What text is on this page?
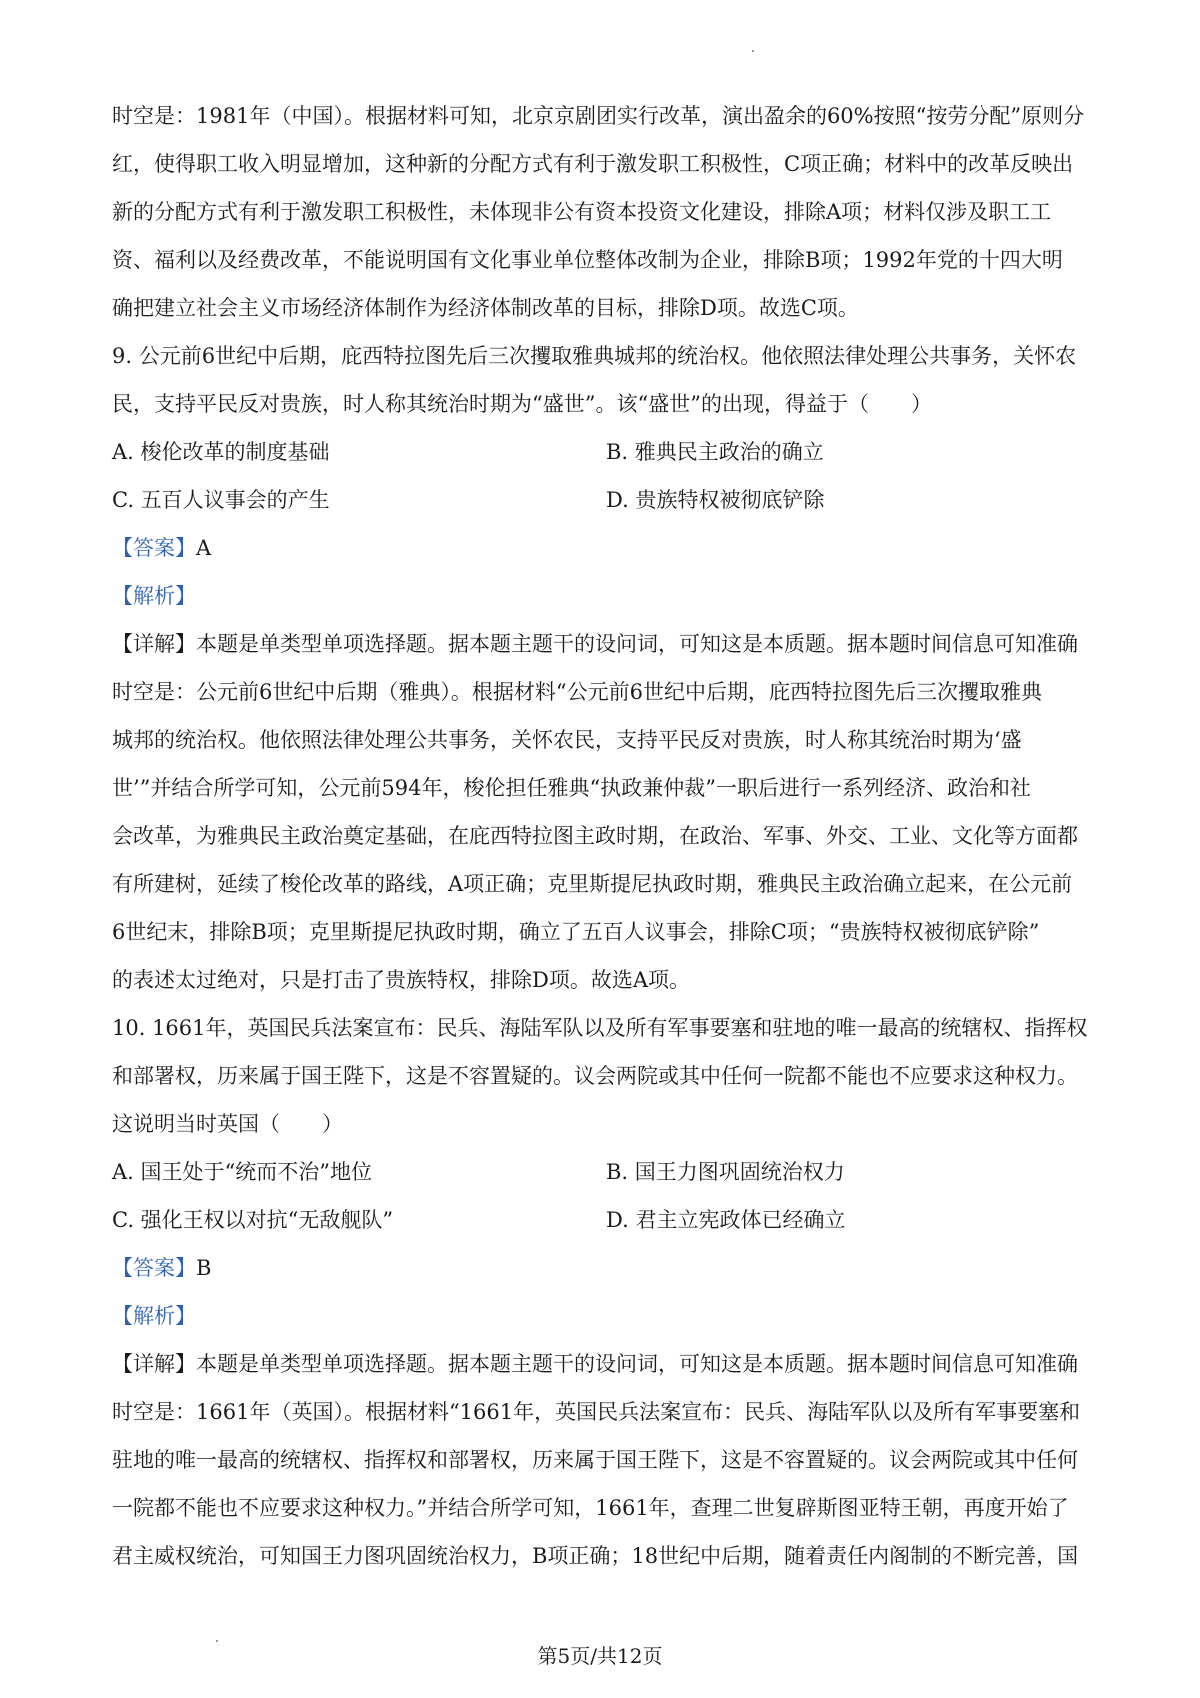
时空是：1981年（中国）。根据材料可知，北京京剧团实行改革，演出盈余的60%按照“按劳分配”原则分

红，使得职工收入明显增加，这种新的分配方式有利于激发职工积极性，C项正确；材料中的改革反映出

新的分配方式有利于激发职工积极性，未体现非公有资本投资文化建设，排除A项；材料仅涉及职工工

资、福利以及经费改革，不能说明国有文化事业单位整体改制为企业，排除B项；1992年党的十四大明

确把建立社会主义市场经济体制作为经济体制改革的目标，排除D项。故选C项。

9. 公元前6世纪中后期，庇西特拉图先后三次攫取雅典城邦的统治权。他依照法律处理公共事务，关怀农

民，支持平民反对贵族，时人称其统治时期为“盛世”。该“盛世”的出现，得益于（　　）

A. 梭伦改革的制度基础	B. 雅典民主政治的确立
C. 五百人议事会的产生	D. 贵族特权被彻底铲除

【答案】A

【解析】

【详解】本题是单类型单项选择题。据本题主题干的设问词，可知这是本质题。据本题时间信息可知准确

时空是：公元前6世纪中后期（雅典）。根据材料“公元前6世纪中后期，庇西特拉图先后三次攫取雅典

城邦的统治权。他依照法律处理公共事务，关怀农民，支持平民反对贵族，时人称其统治时期为‘盛

世’”并结合所学可知，公元前594年，梭伦担任雅典“执政兼仲裁”一职后进行一系列经济、政治和社

会改革，为雅典民主政治奠定基础，在庇西特拉图主政时期，在政治、军事、外交、工业、文化等方面都

有所建树，延续了梭伦改革的路线，A项正确；克里斯提尼执政时期，雅典民主政治确立起来，在公元前

6世纪末，排除B项；克里斯提尼执政时期，确立了五百人议事会，排除C项；“贵族特权被彻底铲除”

的表述太过绝对，只是打击了贵族特权，排除D项。故选A项。

10. 1661年，英国民兵法案宣布：民兵、海陆军队以及所有军事要塞和驻地的唯一最高的统辖权、指挥权

和部署权，历来属于国王陛下，这是不容置疑的。议会两院或其中任何一院都不能也不应要求这种权力。

这说明当时英国（　　）

A. 国王处于“统而不治”地位	B. 国王力图巩固统治权力
C. 强化王权以对抗“无敌舰队”	D. 君主立宪政体已经确立

【答案】B

【解析】

【详解】本题是单类型单项选择题。据本题主题干的设问词，可知这是本质题。据本题时间信息可知准确

时空是：1661年（英国）。根据材料“1661年，英国民兵法案宣布：民兵、海陆军队以及所有军事要塞和

驻地的唯一最高的统辖权、指挥权和部署权，历来属于国王陛下，这是不容置疑的。议会两院或其中任何

一院都不能也不应要求这种权力。”并结合所学可知，1661年，查理二世复辟斯图亚特王朝，再度开始了

君主威权统治，可知国王力图巩固统治权力，B项正确；18世纪中后期，随着责任内阁制的不断完善，国

第5页/共12页
